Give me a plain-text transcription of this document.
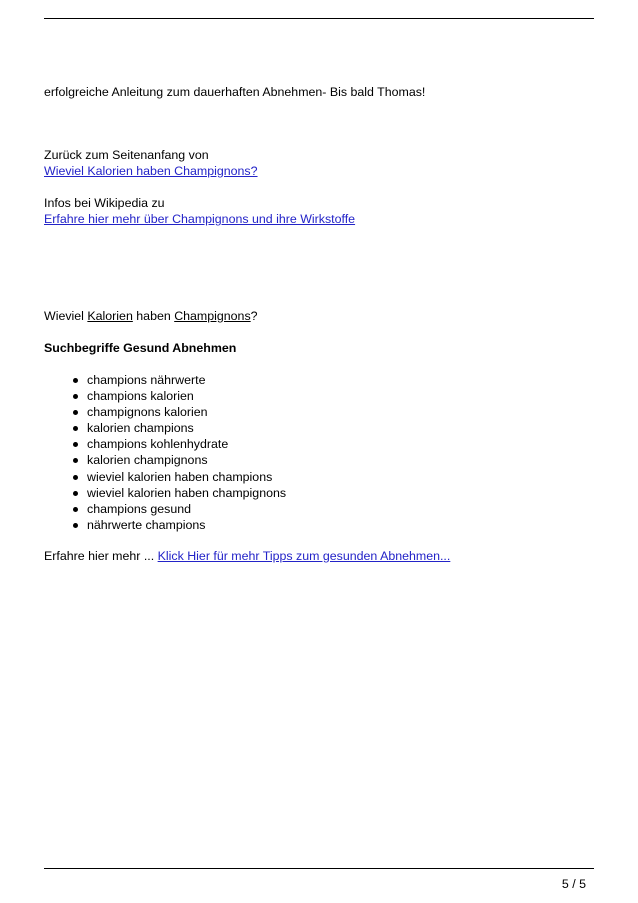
erfolgreiche Anleitung zum dauerhaften Abnehmen- Bis bald Thomas!
Zurück zum Seitenanfang von
Wieviel Kalorien haben Champignons?
Infos bei Wikipedia zu
Erfahre hier mehr über Champignons und ihre Wirkstoffe
Wieviel Kalorien haben Champignons?
Suchbegriffe Gesund Abnehmen
champions nährwerte
champions kalorien
champignons kalorien
kalorien champions
champions kohlenhydrate
kalorien champignons
wieviel kalorien haben champions
wieviel kalorien haben champignons
champions gesund
nährwerte champions
Erfahre hier mehr ... Klick Hier für mehr Tipps zum gesunden Abnehmen...
5 / 5
